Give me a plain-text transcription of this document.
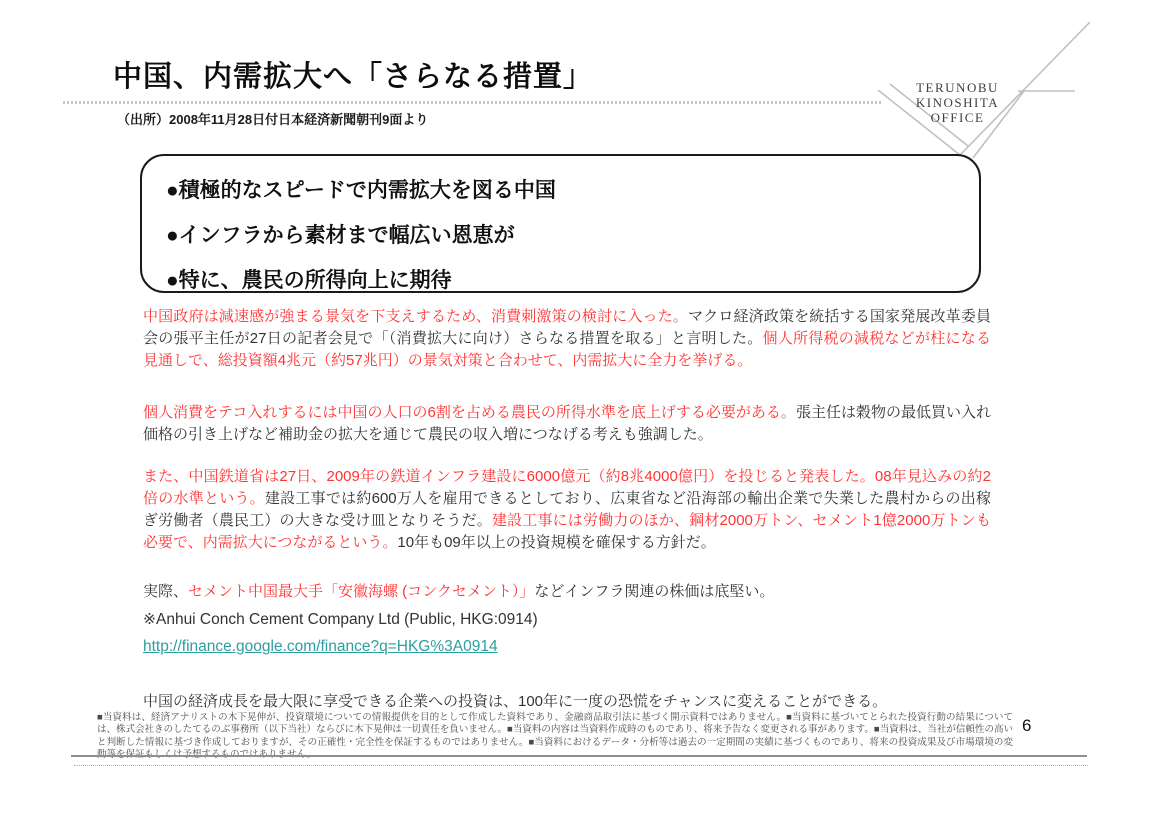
中国、内需拡大へ「さらなる措置」
（出所）2008年11月28日付日本経済新聞朝刊9面より
TERUNOBU
KINOSHITA
OFFICE
●積極的なスピードで内需拡大を図る中国
●インフラから素材まで幅広い恩恵が
●特に、農民の所得向上に期待
中国政府は減速感が強まる景気を下支えするため、消費刺激策の検討に入った。マクロ経済政策を統括する国家発展改革委員会の張平主任が27日の記者会見で「（消費拡大に向け）さらなる措置を取る」と言明した。個人所得税の減税などが柱になる見通しで、総投資額4兆元（約57兆円）の景気対策と合わせて、内需拡大に全力を挙げる。
個人消費をテコ入れするには中国の人口の6割を占める農民の所得水準を底上げする必要がある。張主任は穀物の最低買い入れ価格の引き上げなど補助金の拡大を通じて農民の収入増につなげる考えも強調した。
また、中国鉄道省は27日、2009年の鉄道インフラ建設に6000億元（約8兆4000億円）を投じると発表した。08年見込みの約2倍の水準という。建設工事では約600万人を雇用できるとしており、広東省など沿海部の輸出企業で失業した農村からの出稼ぎ労働者（農民工）の大きな受け皿となりそうだ。建設工事には労働力のほか、鋼材2000万トン、セメント1億2000万トンも必要で、内需拡大につながるという。10年も09年以上の投資規模を確保する方針だ。
実際、セメント中国最大手「安徽海螺 (コンクセメント）」などインフラ関連の株価は底堅い。
※Anhui Conch Cement Company Ltd (Public, HKG:0914)
http://finance.google.com/finance?q=HKG%3A0914
中国の経済成長を最大限に享受できる企業への投資は、100年に一度の恐慌をチャンスに変えることができる。
■当資料は、経済アナリストの木下晃伸が、投資環境についての情報提供を目的として作成した資料であり、金融商品取引法に基づく開示資料ではありません。■当資料に基づいてとられた投資行動の結果については、株式会社きのしたてるのぶ事務所（以下当社）ならびに木下晃伸は一切責任を負いません。■当資料の内容は当資料作成時のものであり、将来予告なく変更される事があります。■当資料は、当社が信頼性の高いと判断した情報に基づき作成しておりますが、その正確性・完全性を保証するものではありません。■当資料におけるデータ・分析等は過去の一定期間の実績に基づくものであり、将来の投資成果及び市場環境の変動等を保証もしくは予想するものではありません。
6
